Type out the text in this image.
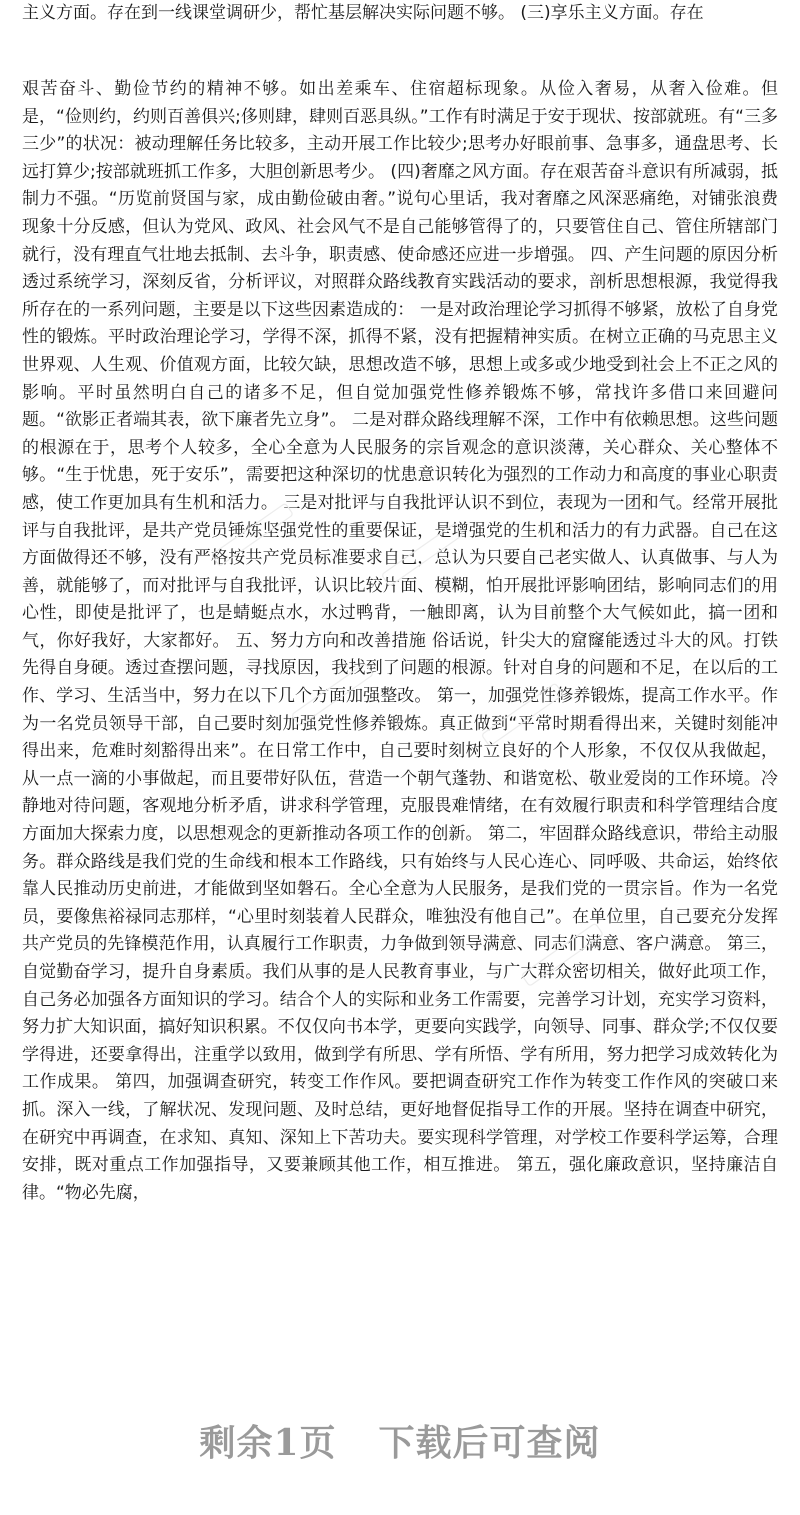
主义方面。存在到一线课堂调研少，帮忙基层解决实际问题不够。 (三)享乐主义方面。存在

艰苦奋斗、勤俭节约的精神不够。如出差乘车、住宿超标现象。从俭入奢易，从奢入俭难。但是，“俭则约，约则百善俱兴;侈则肆，肆则百恶具纵。”工作有时满足于安于现状、按部就班。有“三多三少”的状况：被动理解任务比较多，主动开展工作比较少;思考办好眼前事、急事多，通盘思考、长远打算少;按部就班抓工作多，大胆创新思考少。 (四)奢靡之风方面。存在艰苦奋斗意识有所减弱，抵制力不强。“历览前贤国与家，成由勤俭破由奢。”说句心里话，我对奢靡之风深恶痛绝，对铺张浪费现象十分反感，但认为党风、政风、社会风气不是自己能够管得了的，只要管住自己、管住所辖部门就行，没有理直气壮地去抵制、去斗争，职责感、使命感还应进一步增强。 四、产生问题的原因分析 透过系统学习，深刻反省，分析评议，对照群众路线教育实践活动的要求，剖析思想根源，我觉得我所存在的一系列问题，主要是以下这些因素造成的： 一是对政治理论学习抓得不够紧，放松了自身党性的锻炼。平时政治理论学习，学得不深，抓得不紧，没有把握精神实质。在树立正确的马克思主义世界观、人生观、价值观方面，比较欠缺，思想改造不够，思想上或多或少地受到社会上不正之风的影响。平时虽然明白自己的诸多不足，但自觉加强党性修养锻炼不够，常找许多借口来回避问题。“欲影正者端其表，欲下廉者先立身”。 二是对群众路线理解不深，工作中有依赖思想。这些问题的根源在于，思考个人较多，全心全意为人民服务的宗旨观念的意识淡薄，关心群众、关心整体不够。“生于忧患，死于安乐”，需要把这种深切的忧患意识转化为强烈的工作动力和高度的事业心职责感，使工作更加具有生机和活力。 三是对批评与自我批评认识不到位，表现为一团和气。经常开展批评与自我批评，是共产党员锤炼坚强党性的重要保证，是增强党的生机和活力的有力武器。自己在这方面做得还不够，没有严格按共产党员标准要求自己，总认为只要自己老实做人、认真做事、与人为善，就能够了，而对批评与自我批评，认识比较片面、模糊，怕开展批评影响团结，影响同志们的用心性，即使是批评了，也是蜻蜓点水，水过鸭背，一触即离，认为目前整个大气候如此，搞一团和气，你好我好，大家都好。 五、努力方向和改善措施 俗话说，针尖大的窟窿能透过斗大的风。打铁先得自身硬。透过查摆问题，寻找原因，我找到了问题的根源。针对自身的问题和不足，在以后的工作、学习、生活当中，努力在以下几个方面加强整改。 第一，加强党性修养锻炼，提高工作水平。作为一名党员领导干部，自己要时刻加强党性修养锻炼。真正做到“平常时期看得出来，关键时刻能冲得出来，危难时刻豁得出来”。在日常工作中，自己要时刻树立良好的个人形象，不仅仅从我做起，从一点一滴的小事做起，而且要带好队伍，营造一个朝气蓬勃、和谐宽松、敬业爱岗的工作环境。冷静地对待问题，客观地分析矛盾，讲求科学管理，克服畏难情绪，在有效履行职责和科学管理结合度方面加大探索力度，以思想观念的更新推动各项工作的创新。 第二，牢固群众路线意识，带给主动服务。群众路线是我们党的生命线和根本工作路线，只有始终与人民心连心、同呼吸、共命运，始终依靠人民推动历史前进，才能做到坚如磐石。全心全意为人民服务，是我们党的一贯宗旨。作为一名党员，要像焦裕禄同志那样，“心里时刻装着人民群众，唯独没有他自己”。在单位里，自己要充分发挥共产党员的先锋模范作用，认真履行工作职责，力争做到领导满意、同志们满意、客户满意。 第三，自觉勤奋学习，提升自身素质。我们从事的是人民教育事业，与广大群众密切相关，做好此项工作，自己务必加强各方面知识的学习。结合个人的实际和业务工作需要，完善学习计划，充实学习资料，努力扩大知识面，搞好知识积累。不仅仅向书本学，更要向实践学，向领导、同事、群众学;不仅仅要学得进，还要拿得出，注重学以致用，做到学有所思、学有所悟、学有所用，努力把学习成效转化为工作成果。 第四，加强调查研究，转变工作作风。要把调查研究工作作为转变工作作风的突破口来抓。深入一线，了解状况、发现问题、及时总结，更好地督促指导工作的开展。坚持在调查中研究，在研究中再调查，在求知、真知、深知上下苦功夫。要实现科学管理，对学校工作要科学运筹，合理安排，既对重点工作加强指导，又要兼顾其他工作，相互推进。 第五，强化廉政意识，坚持廉洁自律。“物必先腐，

剩余1页 下载后可查阅
